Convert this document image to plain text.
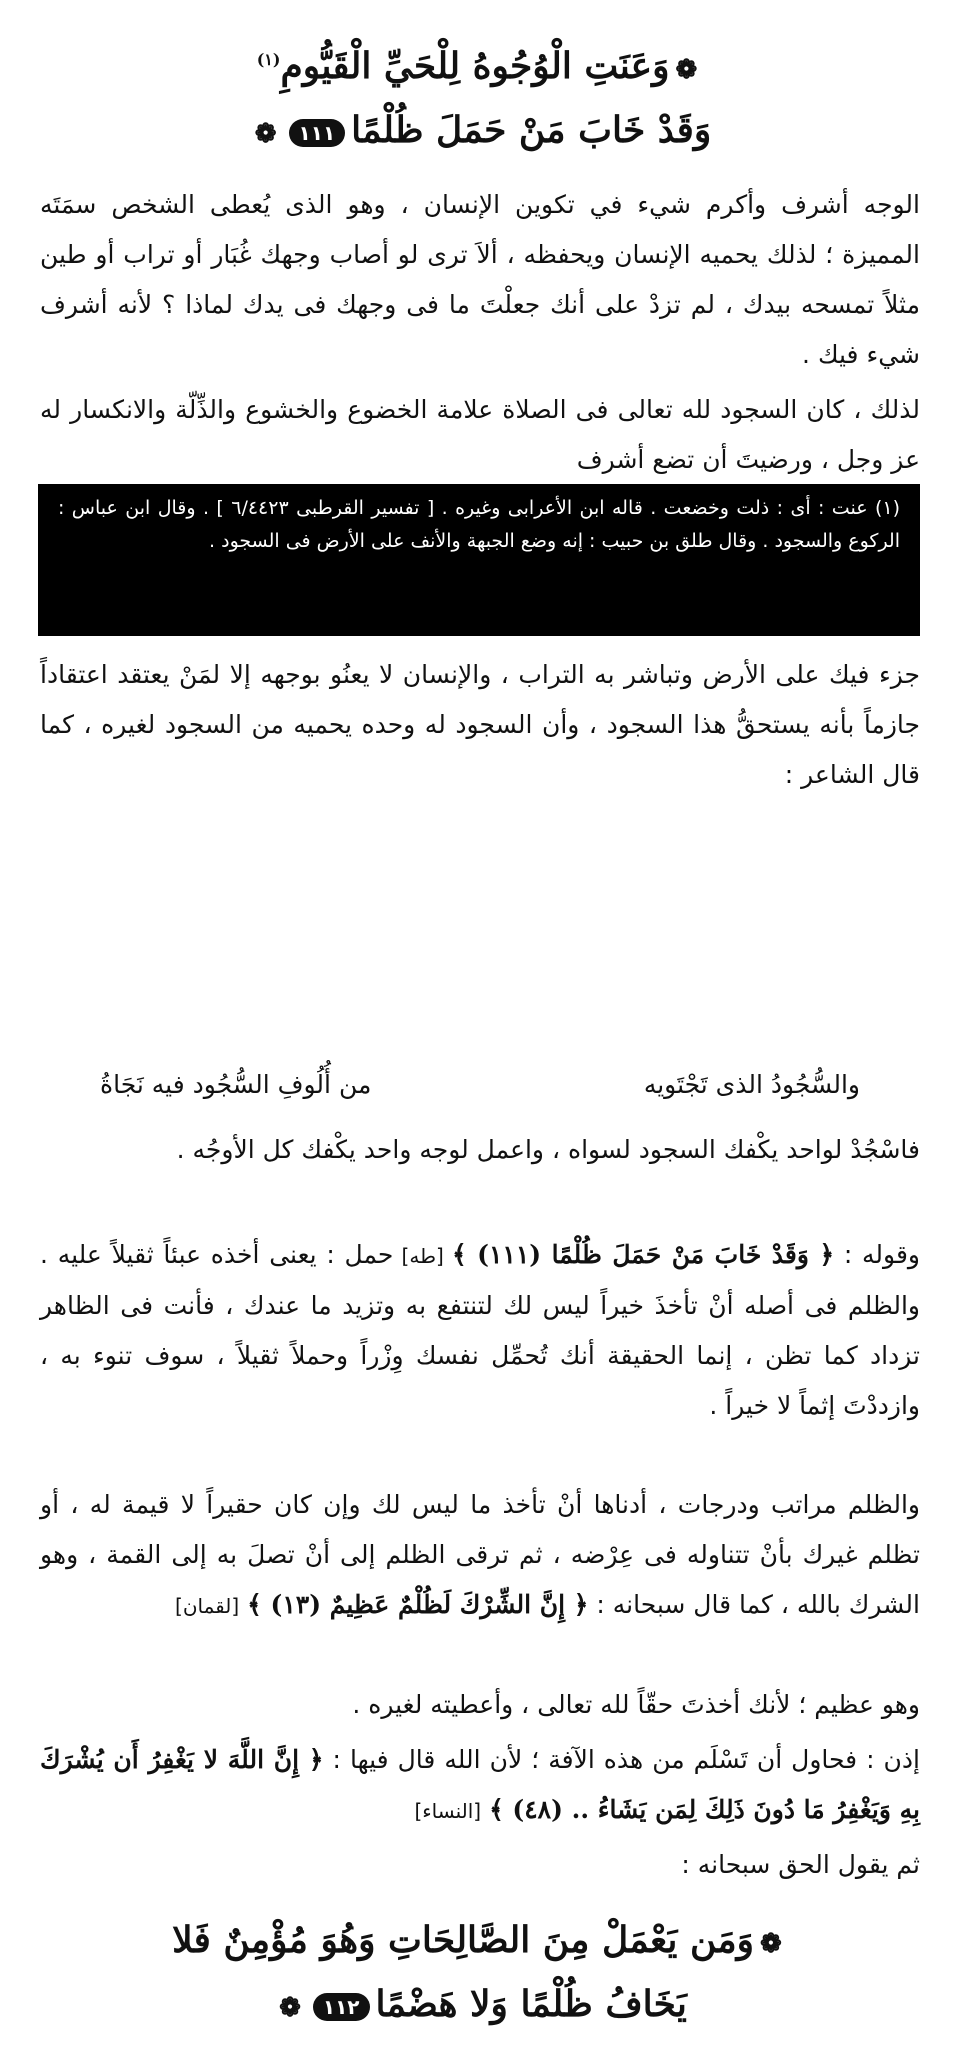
❁وَعَنَتِ الْوُجُوهُ لِلْحَيِّ الْقَيُّومِ$^{(١)}$
وَقَدْ خَابَ مَنْ حَمَلَ ظُلْمًا١١١❁

الوجه أشرف وأكرم شيء في تكوين الإنسان ، وهو الذى يُعطى الشخص سمَتَه المميزة ؛ لذلك يحميه الإنسان ويحفظه ، ألاَ ترى لو أصاب وجهك غُبَار أو تراب أو طين مثلاً تمسحه بيدك ، لم تزدْ على أنك جعلْتَ ما فى وجهك فى يدك لماذا ؟ لأنه أشرف شيء فيك .

لذلك ، كان السجود لله تعالى فى الصلاة علامة الخضوع والخشوع والذِّلّة والانكسار له عز وجل ، ورضيتَ أن تضع أشرف

(١) عنت : أى : ذلت وخضعت . قاله ابن الأعرابى وغيره . [ تفسير القرطبى ٦/٤٤٢٣ ] . وقال ابن عباس : الركوع والسجود . وقال طلق بن حبيب : إنه وضع الجبهة والأنف على الأرض فى السجود .

جزء فيك على الأرض وتباشر به التراب ، والإنسان لا يعنُو بوجهه إلا لمَنْ يعتقد اعتقاداً جازماً بأنه يستحقُّ هذا السجود ، وأن السجود له وحده يحميه من السجود لغيره ، كما قال الشاعر :

والسُّجُودُ الذى تَجْتَويه
من أُلُوفِ السُّجُود فيه نَجَاةُ

فاسْجُدْ لواحد يكْفك السجود لسواه ، واعمل لوجه واحد يكْفك كل الأوجُه .

وقوله : ﴿ وَقَدْ خَابَ مَنْ حَمَلَ ظُلْمًا (١١١) ﴾ [طه] حمل : يعنى أخذه عبئاً ثقيلاً عليه . والظلم فى أصله أنْ تأخذَ خيراً ليس لك لتنتفع به وتزيد ما عندك ، فأنت فى الظاهر تزداد كما تظن ، إنما الحقيقة أنك تُحمِّل نفسك وِزْراً وحملاً ثقيلاً ، سوف تنوء به ، وازددْتَ إثماً لا خيراً .

والظلم مراتب ودرجات ، أدناها أنْ تأخذ ما ليس لك وإن كان حقيراً لا قيمة له ، أو تظلم غيرك بأنْ تتناوله فى عِرْضه ، ثم ترقى الظلم إلى أنْ تصلَ به إلى القمة ، وهو الشرك بالله ، كما قال سبحانه : ﴿ إِنَّ الشِّرْكَ لَظُلْمٌ عَظِيمٌ (١٣) ﴾ [لقمان]

وهو عظيم ؛ لأنك أخذتَ حقّاً لله تعالى ، وأعطيته لغيره .

إذن : فحاول أن تَسْلَم من هذه الآفة ؛ لأن الله قال فيها : ﴿ إِنَّ اللَّهَ لا يَغْفِرُ أَن يُشْرَكَ بِهِ وَيَغْفِرُ مَا دُونَ ذَلِكَ لِمَن يَشَاءُ .. (٤٨) ﴾ [النساء]

ثم يقول الحق سبحانه :

❁وَمَن يَعْمَلْ مِنَ الصَّالِحَاتِ وَهُوَ مُؤْمِنٌ فَلا
يَخَافُ ظُلْمًا وَلا هَضْمًا١١٢❁
